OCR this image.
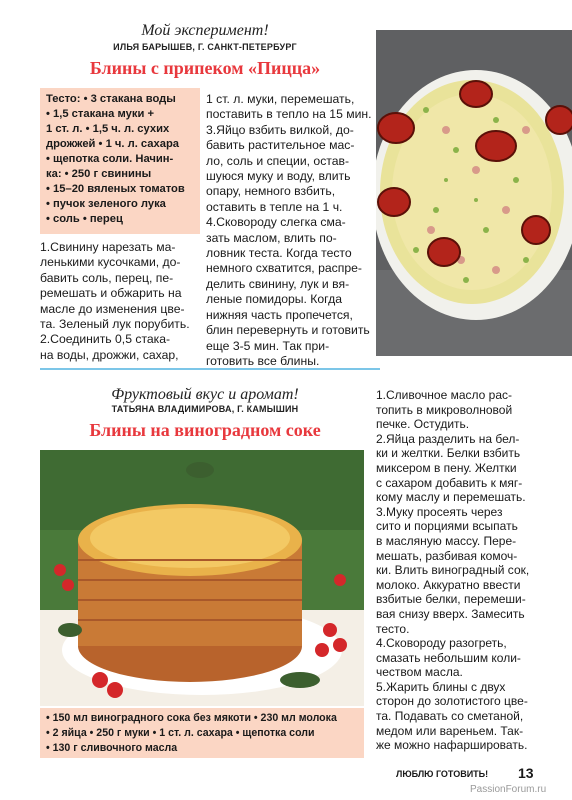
Мой эксперимент!
ИЛЬЯ БАРЫШЕВ, Г. САНКТ-ПЕТЕРБУРГ
Блины с припеком «Пицца»
Тесто: • 3 стакана воды
• 1,5 стакана муки +
1 ст. л. • 1,5 ч. л. сухих
дрожжей • 1 ч. л. сахара
• щепотка соли. Начин-
ка: • 250 г свинины
• 15–20 вяленых томатов
• пучок зеленого лука
• соль • перец
1.Свинину нарезать ма-
ленькими кусочками, до-
бавить соль, перец, пе-
ремешать и обжарить на
масле до изменения цве-
та. Зеленый лук порубить.
2.Соединить 0,5 стака-
на воды, дрожжи, сахар,
1 ст. л. муки, перемешать,
поставить в тепло на 15 мин.
3.Яйцо взбить вилкой, до-
бавить растительное мас-
ло, соль и специи, остав-
шуюся муку и воду, влить
опару, немного взбить,
оставить в тепле на 1 ч.
4.Сковороду слегка сма-
зать маслом, влить по-
ловник теста. Когда тесто
немного схватится, распре-
делить свинину, лук и вя-
леные помидоры. Когда
нижняя часть пропечется,
блин перевернуть и готовить
еще 3-5 мин. Так при-
готовить все блины.
Фруктовый вкус и аромат!
ТАТЬЯНА ВЛАДИМИРОВА, Г. КАМЫШИН
Блины на виноградном соке
• 150 мл виноградного сока без мякоти • 230 мл молока
• 2 яйца • 250 г муки • 1 ст. л. сахара • щепотка соли
• 130 г сливочного масла
1.Сливочное масло рас-
топить в микроволновой
печке. Остудить.
2.Яйца разделить на бел-
ки и желтки. Белки взбить
миксером в пену. Желтки
с сахаром добавить к мяг-
кому маслу и перемешать.
3.Муку просеять через
сито и порциями всыпать
в масляную массу. Пере-
мешать, разбивая комоч-
ки. Влить виноградный сок,
молоко. Аккуратно ввести
взбитые белки, перемеши-
вая снизу вверх. Замесить
тесто.
4.Сковороду разогреть,
смазать небольшим коли-
чеством масла.
5.Жарить блины с двух
сторон до золотистого цве-
та. Подавать со сметаной,
медом или вареньем. Так-
же можно нафаршировать.
ЛЮБЛЮ ГОТОВИТЬ! 13
PassionForum.ru
